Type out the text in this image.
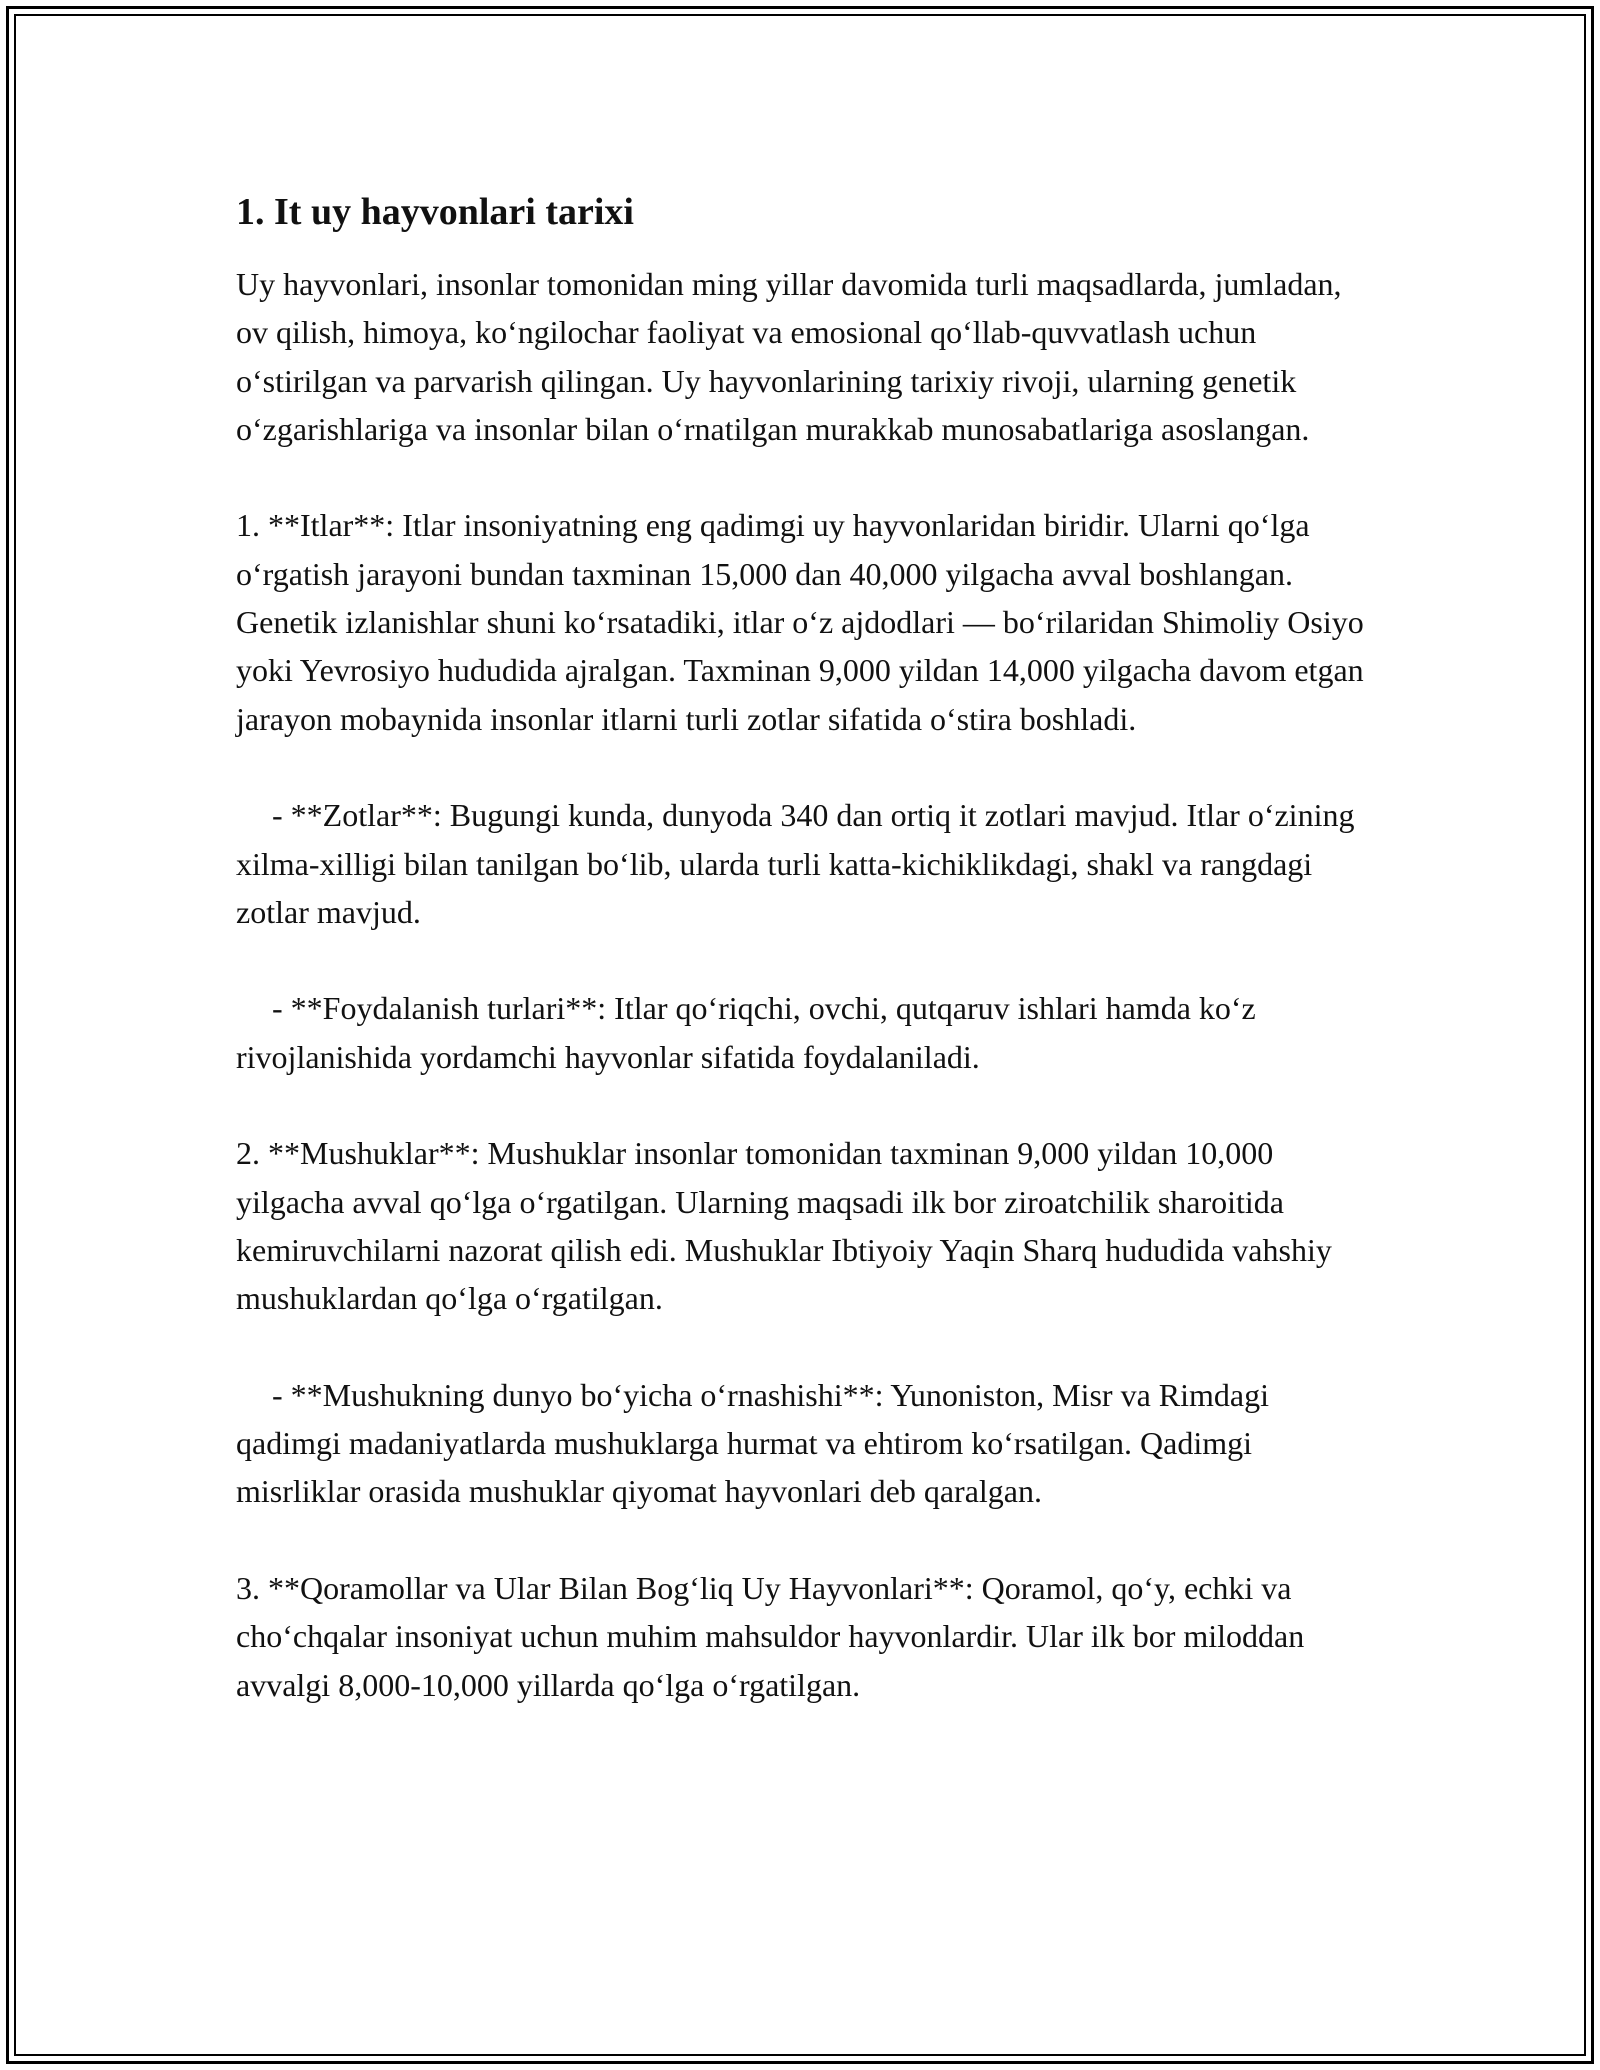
1. It uy hayvonlari tarixi

Uy hayvonlari, insonlar tomonidan ming yillar davomida turli maqsadlarda, jumladan, ov qilish, himoya, koʻngilochar faoliyat va emosional qoʻllab-quvvatlash uchun oʻstirilgan va parvarish qilingan. Uy hayvonlarining tarixiy rivoji, ularning genetik oʻzgarishlariga va insonlar bilan oʻrnatilgan murakkab munosabatlariga asoslangan.

1. **Itlar**: Itlar insoniyatning eng qadimgi uy hayvonlaridan biridir. Ularni qoʻlga oʻrgatish jarayoni bundan taxminan 15,000 dan 40,000 yilgacha avval boshlangan. Genetik izlanishlar shuni koʻrsatadiki, itlar oʻz ajdodlari — boʻrilaridan Shimoliy Osiyo yoki Yevrosiyo hududida ajralgan. Taxminan 9,000 yildan 14,000 yilgacha davom etgan jarayon mobaynida insonlar itlarni turli zotlar sifatida oʻstira boshladi.

- **Zotlar**: Bugungi kunda, dunyoda 340 dan ortiq it zotlari mavjud. Itlar oʻzining xilma-xilligi bilan tanilgan boʻlib, ularda turli katta-kichiklikdagi, shakl va rangdagi zotlar mavjud.

- **Foydalanish turlari**: Itlar qoʻriqchi, ovchi, qutqaruv ishlari hamda koʻz rivojlanishida yordamchi hayvonlar sifatida foydalaniladi.

2. **Mushuklar**: Mushuklar insonlar tomonidan taxminan 9,000 yildan 10,000 yilgacha avval qoʻlga oʻrgatilgan. Ularning maqsadi ilk bor ziroatchilik sharoitida kemiruvchilarni nazorat qilish edi. Mushuklar Ibtiyoiy Yaqin Sharq hududida vahshiy mushuklardan qoʻlga oʻrgatilgan.

- **Mushukning dunyo boʻyicha oʻrnashishi**: Yunoniston, Misr va Rimdagi qadimgi madaniyatlarda mushuklarga hurmat va ehtirom koʻrsatilgan. Qadimgi misrliklar orasida mushuklar qiyomat hayvonlari deb qaralgan.

3. **Qoramollar va Ular Bilan Bogʻliq Uy Hayvonlari**: Qoramol, qoʻy, echki va choʻchqalar insoniyat uchun muhim mahsuldor hayvonlardir. Ular ilk bor miloddan avvalgi 8,000-10,000 yillarda qoʻlga oʻrgatilgan.
